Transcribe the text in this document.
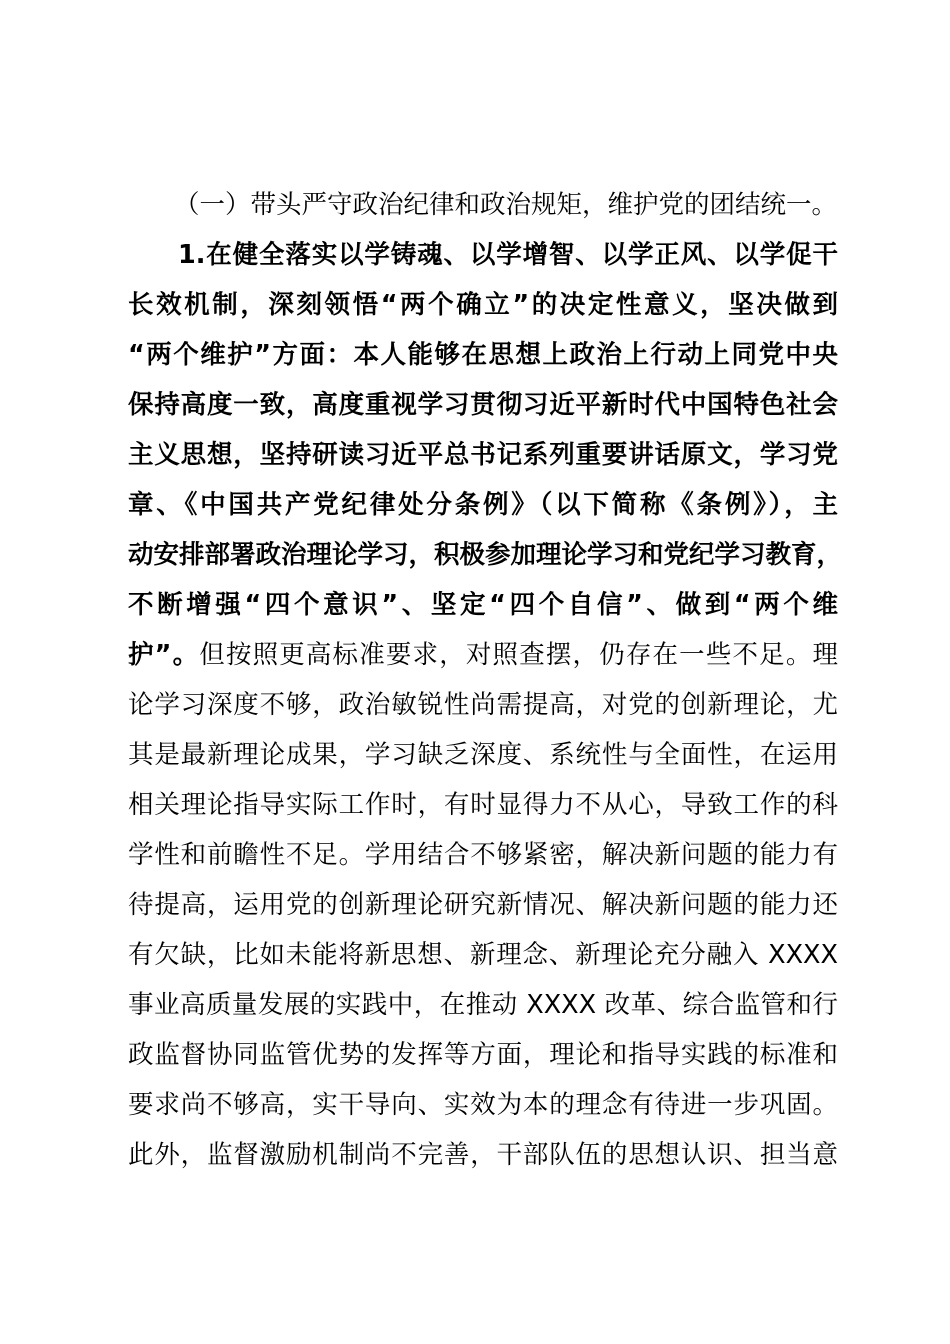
（一）带头严守政治纪律和政治规矩，维护党的团结统一。
1.在健全落实以学铸魂、以学增智、以学正风、以学促干
长效机制，深刻领悟“两个确立”的决定性意义，坚决做到
“两个维护”方面：本人能够在思想上政治上行动上同党中央
保持高度一致，高度重视学习贯彻习近平新时代中国特色社会
主义思想，坚持研读习近平总书记系列重要讲话原文，学习党
章、《中国共产党纪律处分条例》（以下简称《条例》），主
动安排部署政治理论学习，积极参加理论学习和党纪学习教育，
不断增强“四个意识”、坚定“四个自信”、做到“两个维
护”。但按照更高标准要求，对照查摆，仍存在一些不足。理
论学习深度不够，政治敏锐性尚需提高，对党的创新理论，尤
其是最新理论成果，学习缺乏深度、系统性与全面性，在运用
相关理论指导实际工作时，有时显得力不从心，导致工作的科
学性和前瞻性不足。学用结合不够紧密，解决新问题的能力有
待提高，运用党的创新理论研究新情况、解决新问题的能力还
有欠缺，比如未能将新思想、新理念、新理论充分融入 XXXX
事业高质量发展的实践中，在推动 XXXX 改革、综合监管和行
政监督协同监管优势的发挥等方面，理论和指导实践的标准和
要求尚不够高，实干导向、实效为本的理念有待进一步巩固。
此外，监督激励机制尚不完善，干部队伍的思想认识、担当意
